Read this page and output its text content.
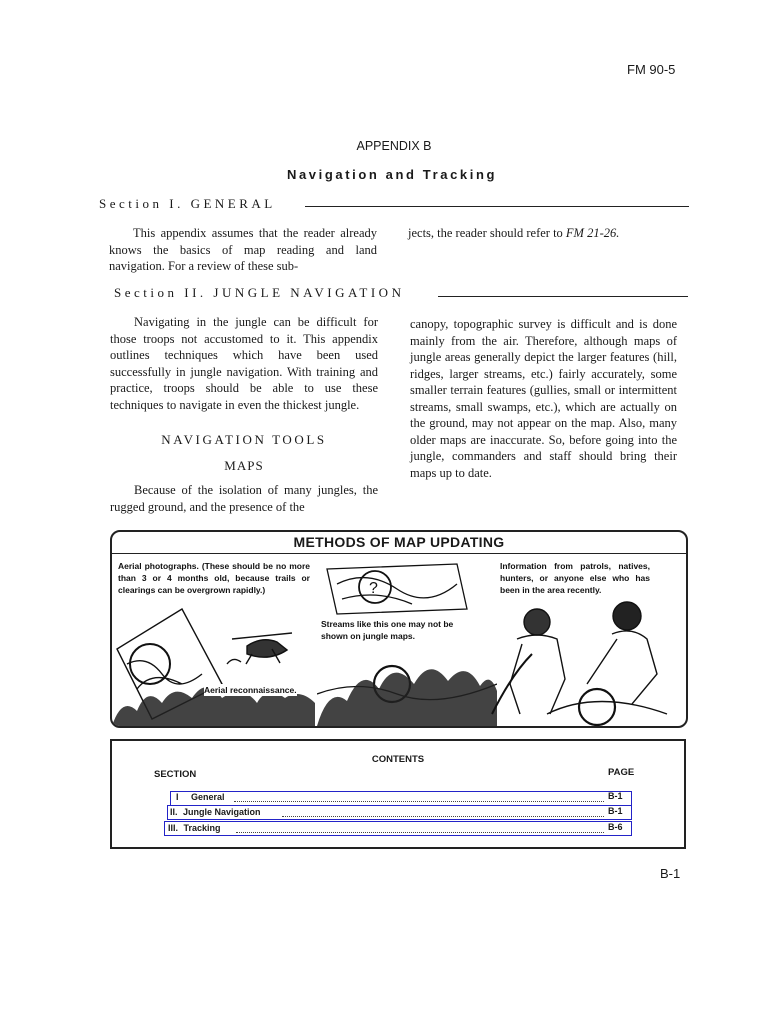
FM 90-5
APPENDIX B
Navigation and Tracking
Section I. GENERAL

This appendix assumes that the reader already knows the basics of map reading and land navigation. For a review of these sub-

jects, the reader should refer to FM 21-26.
Section II. JUNGLE NAVIGATION

Navigating in the jungle can be difficult for those troops not accustomed to it. This appendix outlines techniques which have been used successfully in jungle navigation. With training and practice, troops should be able to use these techniques to navigate in even the thickest jungle.

NAVIGATION TOOLS
MAPS

Because of the isolation of many jungles, the rugged ground, and the presence of the

canopy, topographic survey is difficult and is done mainly from the air. Therefore, although maps of jungle areas generally depict the larger features (hill, ridges, larger streams, etc.) fairly accurately, some smaller terrain features (gullies, small or intermittent streams, small swamps, etc.), which are actually on the ground, may not appear on the map. Also, many older maps are inaccurate. So, before going into the jungle, commanders and staff should bring their maps up to date.

METHODS OF MAP UPDATING
?
Aerial photographs. (These should be no more than 3 or 4 months old, because trails or clearings can be overgrown rapidly.)
Streams like this one may not be shown on jungle maps.
Aerial reconnaissance.
Information from patrols, natives, hunters, or anyone else who has been in the area recently.
CONTENTS
SECTION	PAGE
I General	B-1
II. Jungle Navigation	B-1
III. Tracking	B-6
B-1
